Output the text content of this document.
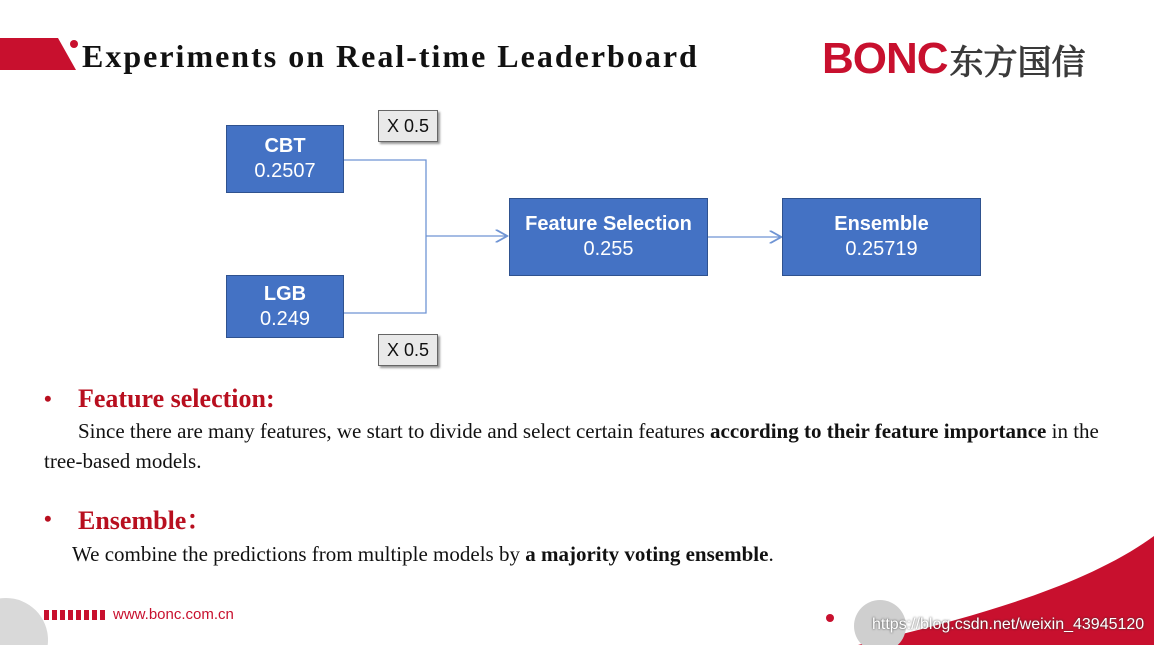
Experiments on Real-time Leaderboard	BONC 东方国信
CBT
0.2507
LGB
0.249
Feature Selection
0.255
Ensemble
0.25719
X 0.5
X 0.5
•	Feature selection:
Since there are many features, we start to divide and select certain features according to their feature importance in the tree-based models.
•	Ensemble：
We combine the predictions from multiple models by a majority voting ensemble.
www.bonc.com.cn
https://blog.csdn.net/weixin_43945120
